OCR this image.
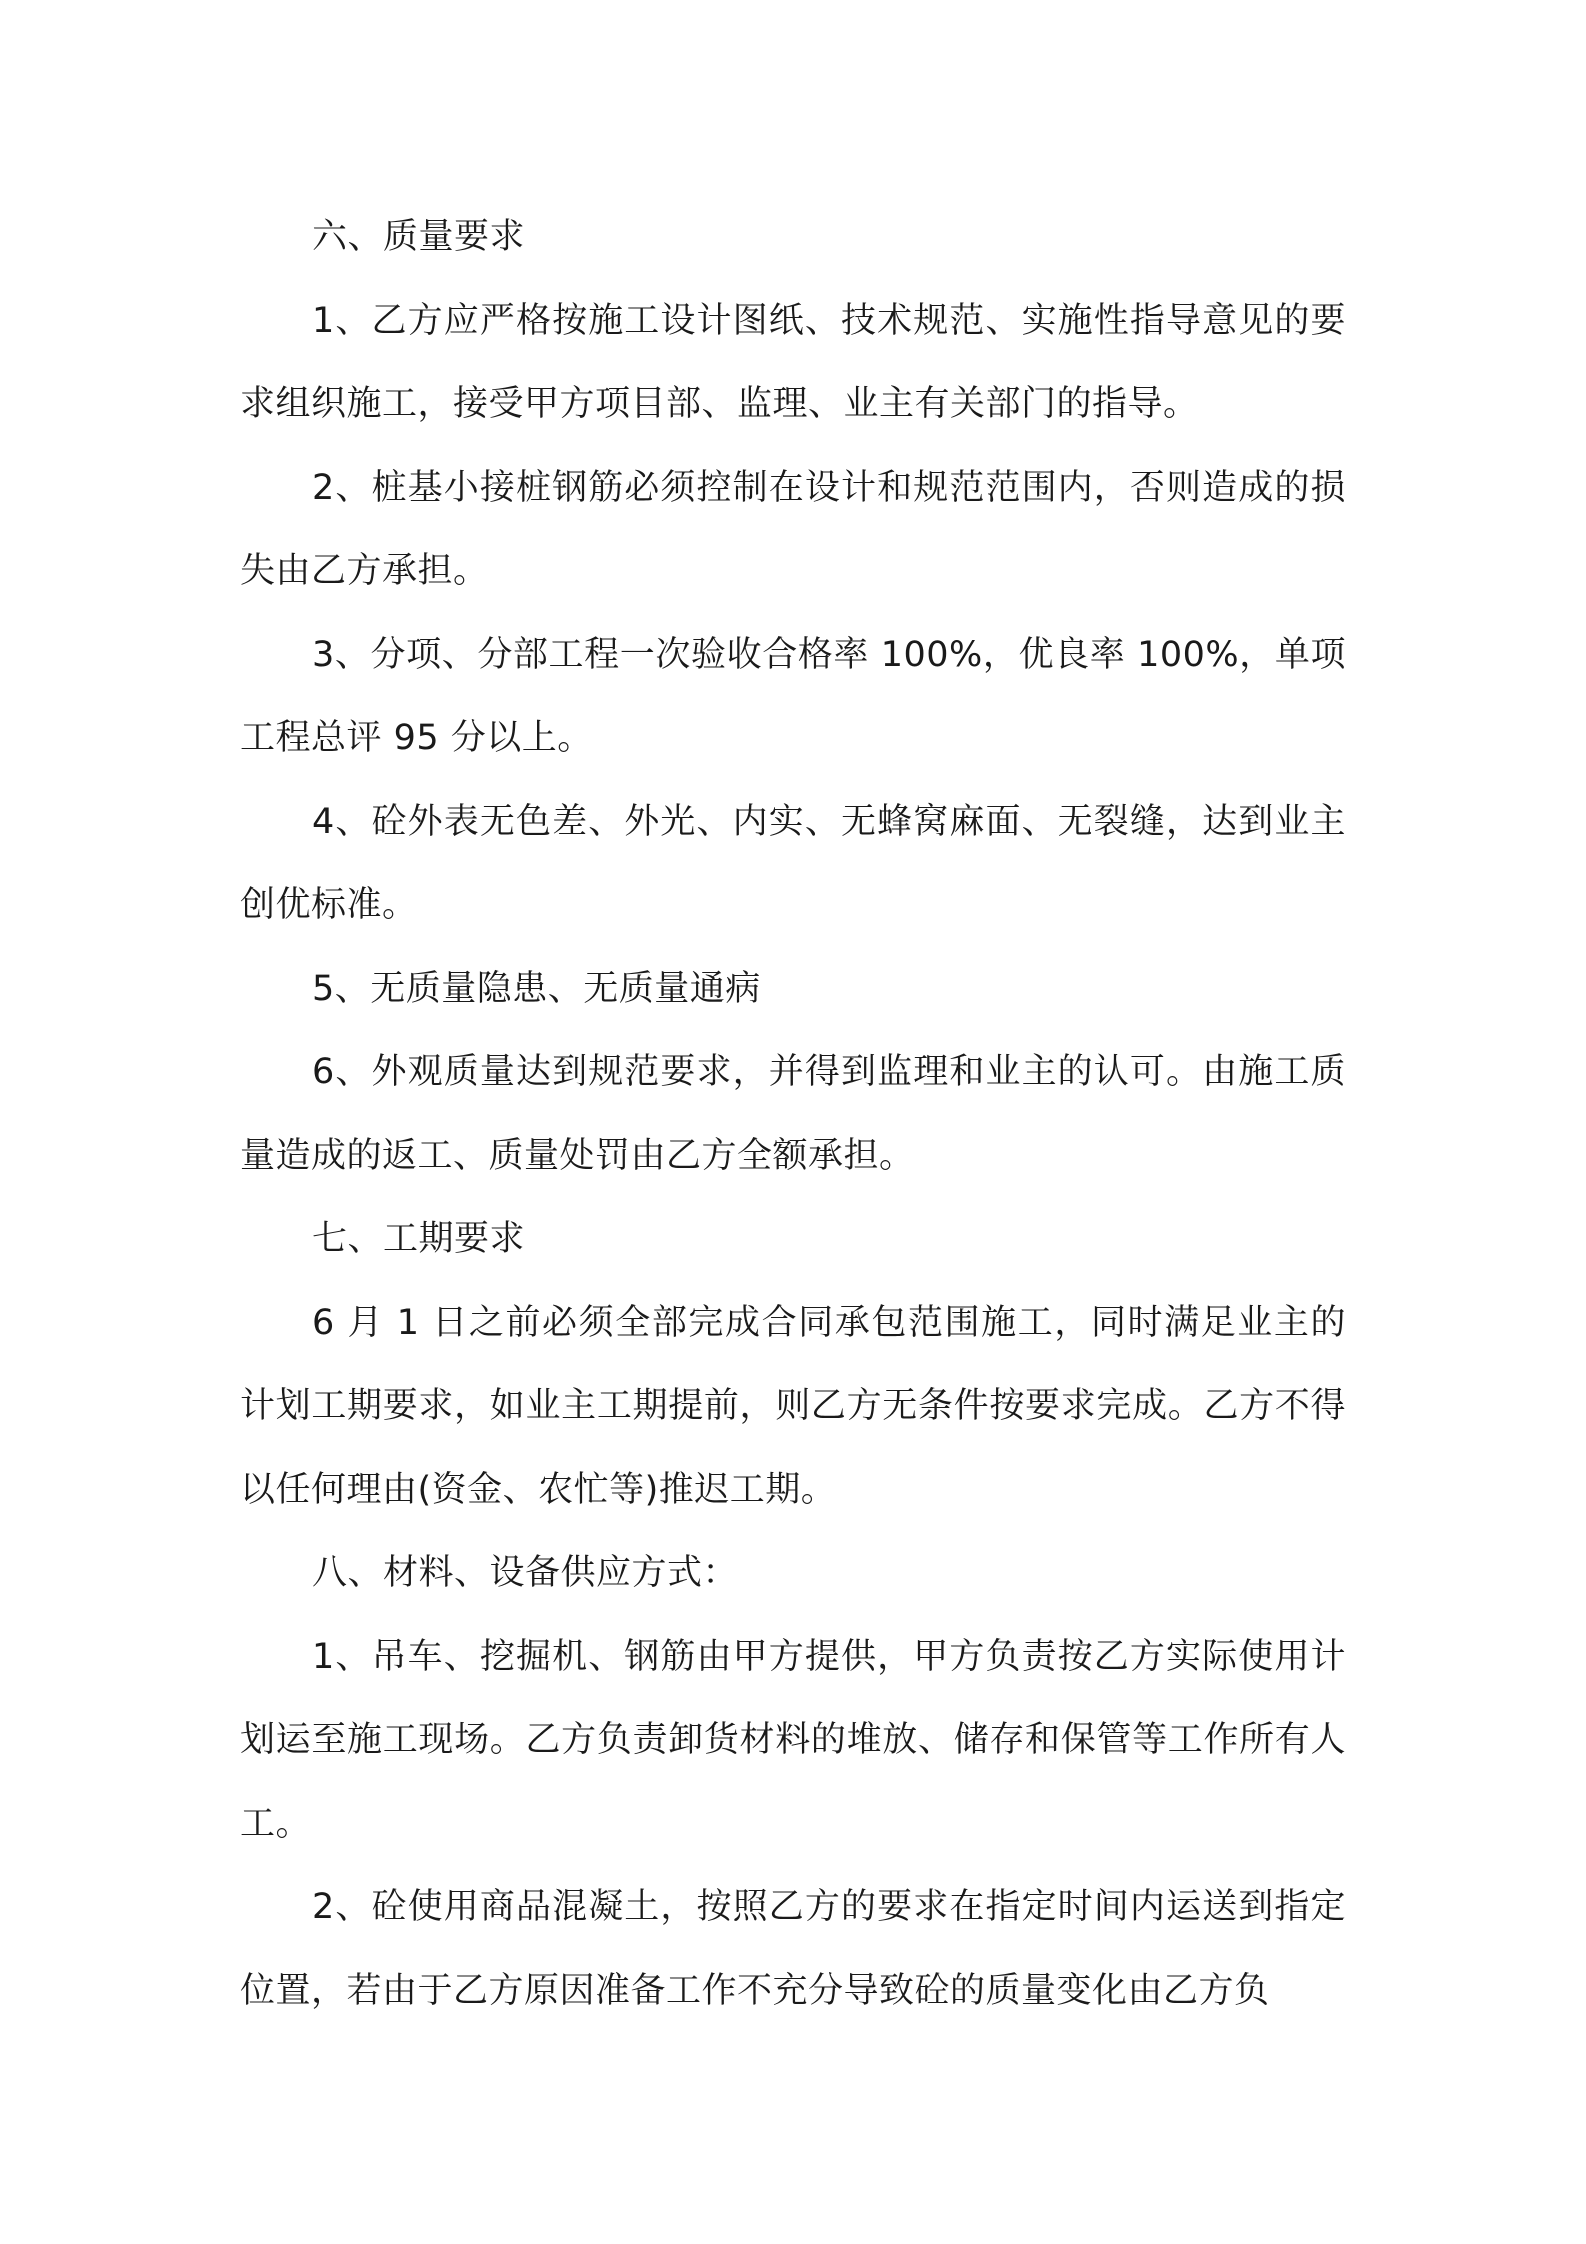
六、质量要求

1、乙方应严格按施工设计图纸、技术规范、实施性指导意见的要求组织施工，接受甲方项目部、监理、业主有关部门的指导。

2、桩基小接桩钢筋必须控制在设计和规范范围内，否则造成的损失由乙方承担。

3、分项、分部工程一次验收合格率 100%，优良率 100%，单项工程总评 95 分以上。

4、砼外表无色差、外光、内实、无蜂窝麻面、无裂缝，达到业主创优标准。

5、无质量隐患、无质量通病

6、外观质量达到规范要求，并得到监理和业主的认可。由施工质量造成的返工、质量处罚由乙方全额承担。

七、工期要求

6 月 1 日之前必须全部完成合同承包范围施工，同时满足业主的计划工期要求，如业主工期提前，则乙方无条件按要求完成。乙方不得以任何理由(资金、农忙等)推迟工期。

八、材料、设备供应方式：

1、吊车、挖掘机、钢筋由甲方提供，甲方负责按乙方实际使用计划运至施工现场。乙方负责卸货材料的堆放、储存和保管等工作所有人工。

2、砼使用商品混凝土，按照乙方的要求在指定时间内运送到指定位置，若由于乙方原因准备工作不充分导致砼的质量变化由乙方负
